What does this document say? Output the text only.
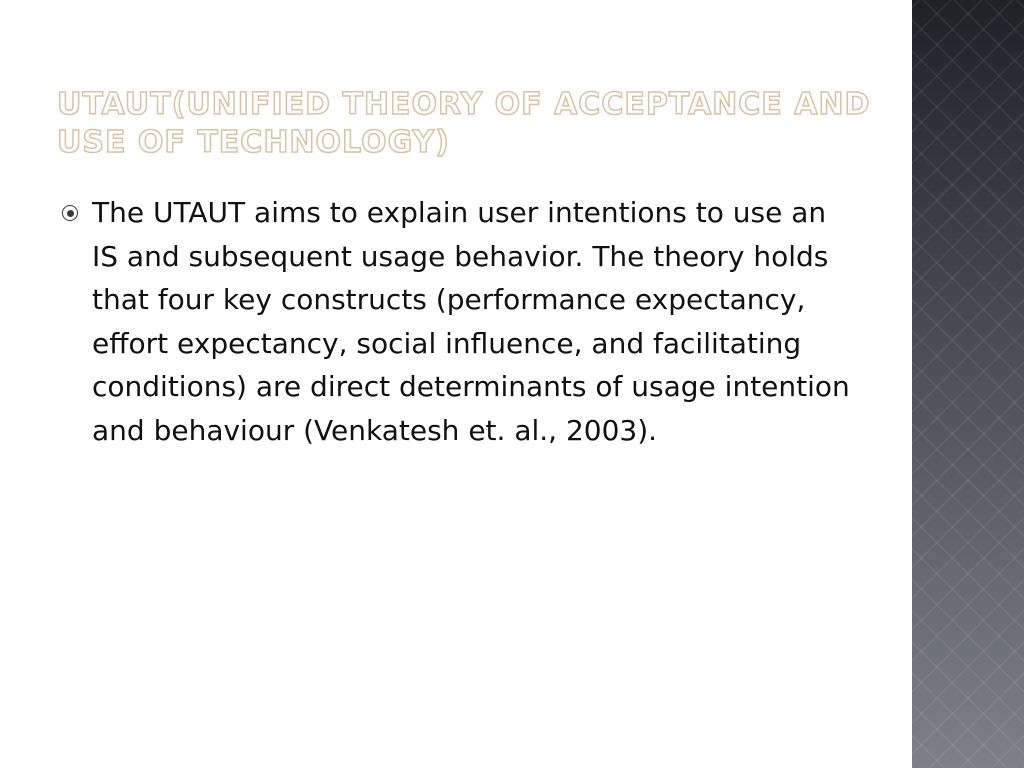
UTAUT(UNIFIED THEORY OF ACCEPTANCE AND USE OF TECHNOLOGY)

The UTAUT aims to explain user intentions to use an IS and subsequent usage behavior. The theory holds that four key constructs (performance expectancy, effort expectancy, social influence, and facilitating conditions) are direct determinants of usage intention and behaviour (Venkatesh et. al., 2003).
